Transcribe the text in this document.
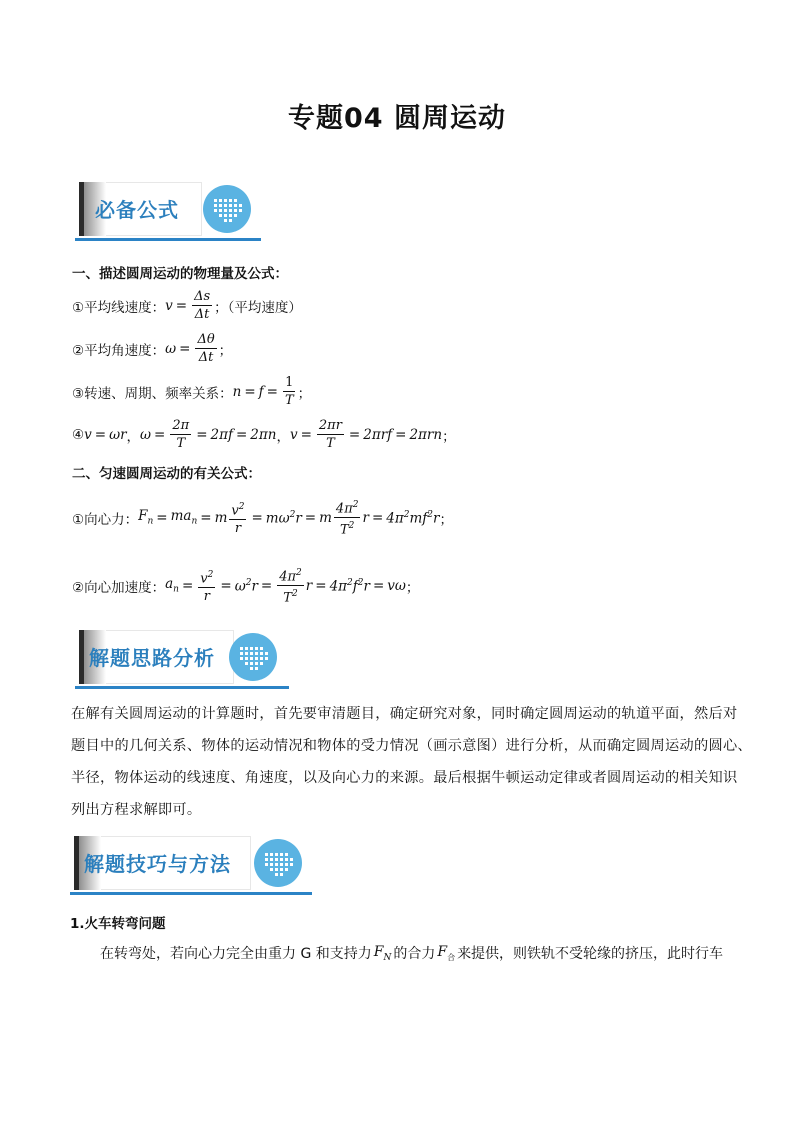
专题04 圆周运动
必备公式
一、描述圆周运动的物理量及公式：
①平均线速度： $v = \frac{\Delta s}{\Delta t}$ ；（平均速度）
②平均角速度： $\omega = \frac{\Delta\theta}{\Delta t}$ ；
③转速、周期、频率关系： $n = f = \frac{1}{T}$ ；
④ v = ωr ， $\omega = \frac{2\pi}{T} = 2\pi f = 2\pi n$ ， $v = \frac{2\pi r}{T} = 2\pi rf = 2\pi rn$ ；
二、匀速圆周运动的有关公式：
①向心力： $F_n = ma_n = m \frac{v^2}{r} = m\omega^2r = m \frac{4\pi^2}{T^2}$ $r = 4\pi^2mf^2r$ ；
②向心加速度： $a_n = \frac{v^2}{r} = \omega^2r = \frac{4\pi^2}{T^2}$ $r = 4\pi^2f^2r = v\omega$ ；
解题思路分析
在解有关圆周运动的计算题时，首先要审清题目，确定研究对象，同时确定圆周运动的轨道平面，然后对
题目中的几何关系、物体的运动情况和物体的受力情况（画示意图）进行分析，从而确定圆周运动的圆心、
半径，物体运动的线速度、角速度，以及向心力的来源。最后根据牛顿运动定律或者圆周运动的相关知识
列出方程求解即可。
解题技巧与方法
1.火车转弯问题
在转弯处，若向心力完全由重力 G 和支持力 $F_N$ 的合力 $F_合$ 来提供，则铁轨不受轮缘的挤压，此时行车
